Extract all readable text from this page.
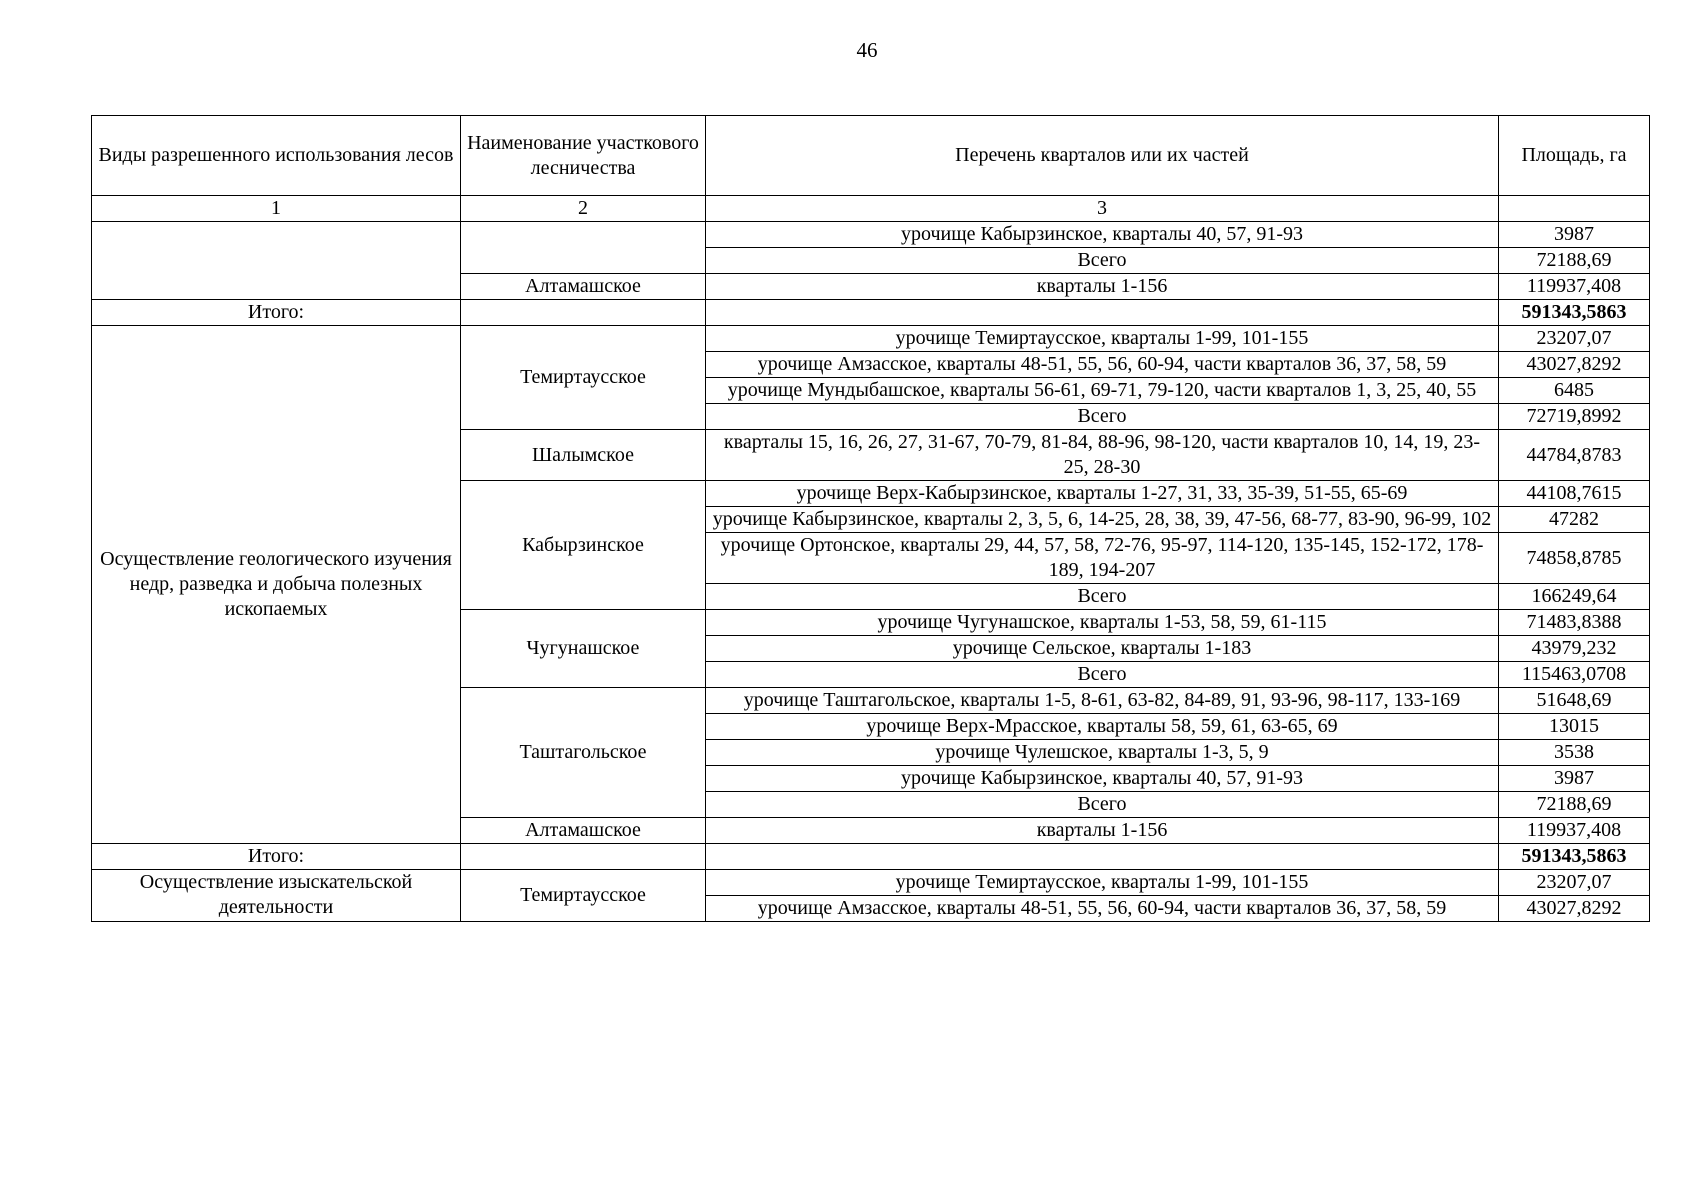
46
Виды разрешенного использования лесов	Наименование участкового лесничества	Перечень кварталов или их частей	Площадь, га
1	2	3	
		урочище Кабырзинское, кварталы 40, 57, 91-93	3987
		Всего	72188,69
	Алтамашское	кварталы 1-156	119937,408
Итого:			591343,5863
Осуществление геологического изучения недр, разведка и добыча полезных ископаемых	Темиртаусское	урочище Темиртаусское, кварталы 1-99, 101-155	23207,07
		урочище Амзасское, кварталы 48-51, 55, 56, 60-94, части кварталов 36, 37, 58, 59	43027,8292
		урочище Мундыбашское, кварталы 56-61, 69-71, 79-120, части кварталов 1, 3, 25, 40, 55	6485
		Всего	72719,8992
	Шалымское	кварталы 15, 16, 26, 27, 31-67, 70-79, 81-84, 88-96, 98-120, части кварталов 10, 14, 19, 23-25, 28-30	44784,8783
	Кабырзинское	урочище Верх-Кабырзинское, кварталы 1-27, 31, 33, 35-39, 51-55, 65-69	44108,7615
		урочище Кабырзинское, кварталы 2, 3, 5, 6, 14-25, 28, 38, 39, 47-56, 68-77, 83-90, 96-99, 102	47282
		урочище Ортонское, кварталы 29, 44, 57, 58, 72-76, 95-97, 114-120, 135-145, 152-172, 178-189, 194-207	74858,8785
		Всего	166249,64
	Чугунашское	урочище Чугунашское, кварталы 1-53, 58, 59, 61-115	71483,8388
		урочище Сельское, кварталы 1-183	43979,232
		Всего	115463,0708
	Таштагольское	урочище Таштагольское, кварталы 1-5, 8-61, 63-82, 84-89, 91, 93-96, 98-117, 133-169	51648,69
		урочище Верх-Мрасское, кварталы 58, 59, 61, 63-65, 69	13015
		урочище Чулешское, кварталы 1-3, 5, 9	3538
		урочище Кабырзинское, кварталы 40, 57, 91-93	3987
		Всего	72188,69
	Алтамашское	кварталы 1-156	119937,408
Итого:			591343,5863
Осуществление изыскательской деятельности	Темиртаусское	урочище Темиртаусское, кварталы 1-99, 101-155	23207,07
		урочище Амзасское, кварталы 48-51, 55, 56, 60-94, части кварталов 36, 37, 58, 59	43027,8292
